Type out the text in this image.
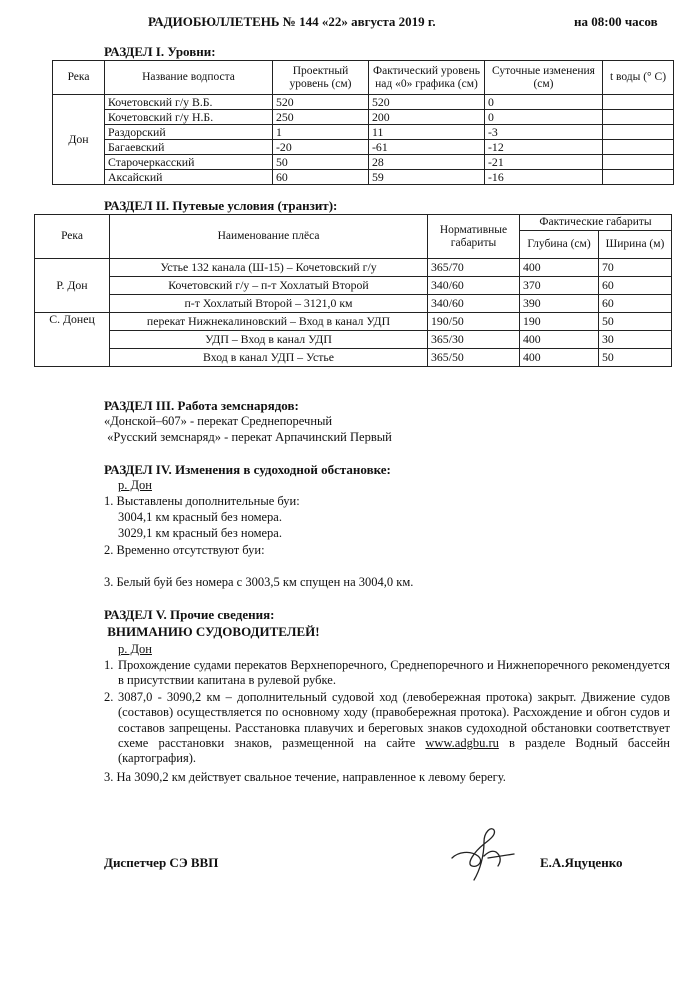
РАДИОБЮЛЛЕТЕНЬ № 144 «22» августа 2019 г.	на 08:00 часов
РАЗДЕЛ I. Уровни:
Река	Название водпоста	Проектный уровень (см)	Фактический уровень над «0» графика (см)	Суточные изменения (см)	t воды (° С)
Дон	Кочетовский г/у В.Б.	520	520	0	
	Кочетовский г/у Н.Б.	250	200	0	
	Раздорский	1	11	-3	
	Багаевский	-20	-61	-12	
	Старочеркасский	50	28	-21	
	Аксайский	60	59	-16	
РАЗДЕЛ II. Путевые условия (транзит):
Река	Наименование плёса	Нормативные габариты	Фактические габариты	
			Глубина (см)	Ширина (м)
Р. Дон	Устье 132 канала (Ш-15) – Кочетовский г/у	365/70	400	70
	Кочетовский г/у – п-т Хохлатый Второй	340/60	370	60
	п-т Хохлатый Второй – 3121,0 км	340/60	390	60
С. Донец	перекат Нижнекалиновский – Вход в канал УДП	190/50	190	50
	УДП – Вход в канал УДП	365/30	400	30
	Вход в канал УДП – Устье	365/50	400	50
РАЗДЕЛ III. Работа земснарядов:
«Донской–607» - перекат Среднепоречный
«Русский земснаряд» - перекат Арпачинский Первый
РАЗДЕЛ IV. Изменения в судоходной обстановке:
р. Дон
1. Выставлены дополнительные буи:
3004,1 км красный без номера.
3029,1 км красный без номера.
2. Временно отсутствуют буи:
3. Белый буй без номера с 3003,5 км спущен на 3004,0 км.
РАЗДЕЛ V. Прочие сведения:
ВНИМАНИЮ СУДОВОДИТЕЛЕЙ!
р. Дон
1. Прохождение судами перекатов Верхнепоречного, Среднепоречного и Нижнепоречного рекомендуется в присутствии капитана в рулевой рубке.
2. 3087,0 - 3090,2 км – дополнительный судовой ход (левобережная протока) закрыт. Движение судов (составов) осуществляется по основному ходу (правобережная протока). Расхождение и обгон судов и составов запрещены. Расстановка плавучих и береговых знаков судоходной обстановки соответствует схеме расстановки знаков, размещенной на сайте www.adgbu.ru в разделе Водный бассейн (картография).
3. На 3090,2 км действует свальное течение, направленное к левому берегу.
Диспетчер СЭ ВВП	Е.А.Яцуценко
